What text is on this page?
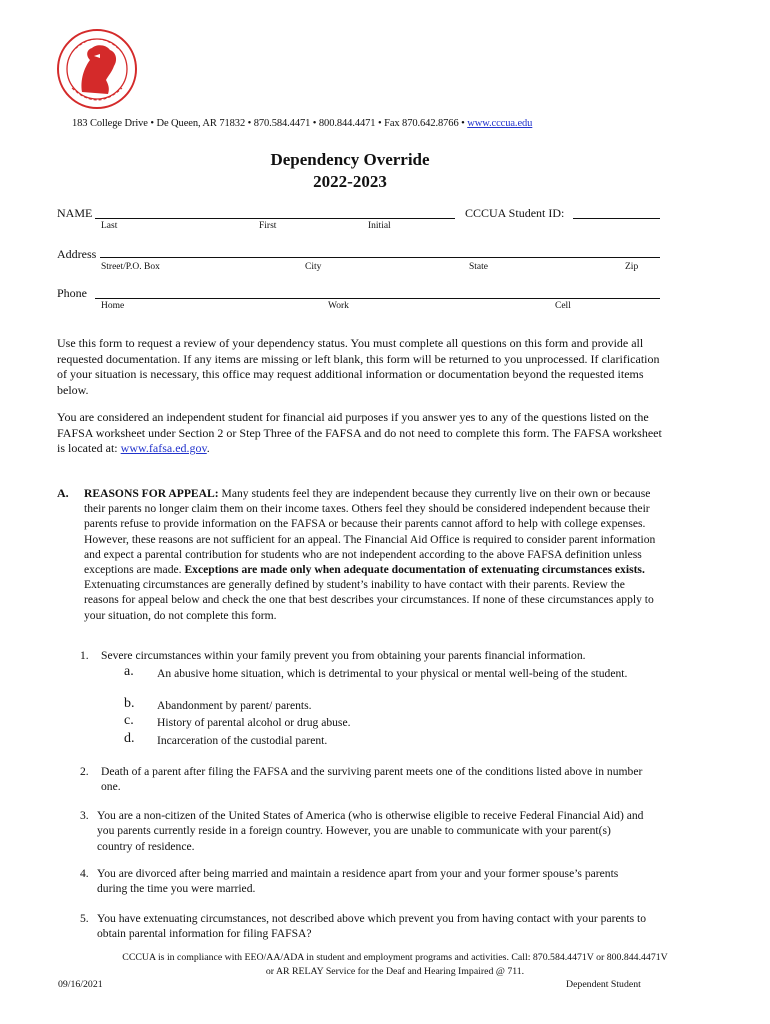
183 College Drive • De Queen, AR 71832 • 870.584.4471 • 800.844.4471 • Fax 870.642.8766 • www.cccua.edu
Dependency Override
2022-2023
NAME	CCCUA Student ID:
Last	First	Initial
Address
Street/P.O. Box	City	State	Zip
Phone
Home	Work	Cell
Use this form to request a review of your dependency status. You must complete all questions on this form and provide all requested documentation. If any items are missing or left blank, this form will be returned to you unprocessed. If clarification of your situation is necessary, this office may request additional information or documentation beyond the requested items below.
You are considered an independent student for financial aid purposes if you answer yes to any of the questions listed on the FAFSA worksheet under Section 2 or Step Three of the FAFSA and do not need to complete this form. The FAFSA worksheet is located at: www.fafsa.ed.gov.
A. REASONS FOR APPEAL: Many students feel they are independent because they currently live on their own or because their parents no longer claim them on their income taxes. Others feel they should be considered independent because their parents refuse to provide information on the FAFSA or because their parents cannot afford to help with college expenses. However, these reasons are not sufficient for an appeal. The Financial Aid Office is required to consider parent information and expect a parental contribution for students who are not independent according to the above FAFSA definition unless exceptions are made. Exceptions are made only when adequate documentation of extenuating circumstances exists. Extenuating circumstances are generally defined by student’s inability to have contact with their parents. Review the reasons for appeal below and check the one that best describes your circumstances. If none of these circumstances apply to your situation, do not complete this form.
1. Severe circumstances within your family prevent you from obtaining your parents financial information.
a. An abusive home situation, which is detrimental to your physical or mental well-being of the student.
b. Abandonment by parent/ parents.
c. History of parental alcohol or drug abuse.
d. Incarceration of the custodial parent.
2. Death of a parent after filing the FAFSA and the surviving parent meets one of the conditions listed above in number one.
3. You are a non-citizen of the United States of America (who is otherwise eligible to receive Federal Financial Aid) and you parents currently reside in a foreign country. However, you are unable to communicate with your parent(s) country of residence.
4. You are divorced after being married and maintain a residence apart from your and your former spouse’s parents during the time you were married.
5. You have extenuating circumstances, not described above which prevent you from having contact with your parents to obtain parental information for filing FAFSA?
CCCUA is in compliance with EEO/AA/ADA in student and employment programs and activities. Call: 870.584.4471V or 800.844.4471V
or AR RELAY Service for the Deaf and Hearing Impaired @ 711.
09/16/2021	Dependent Student
